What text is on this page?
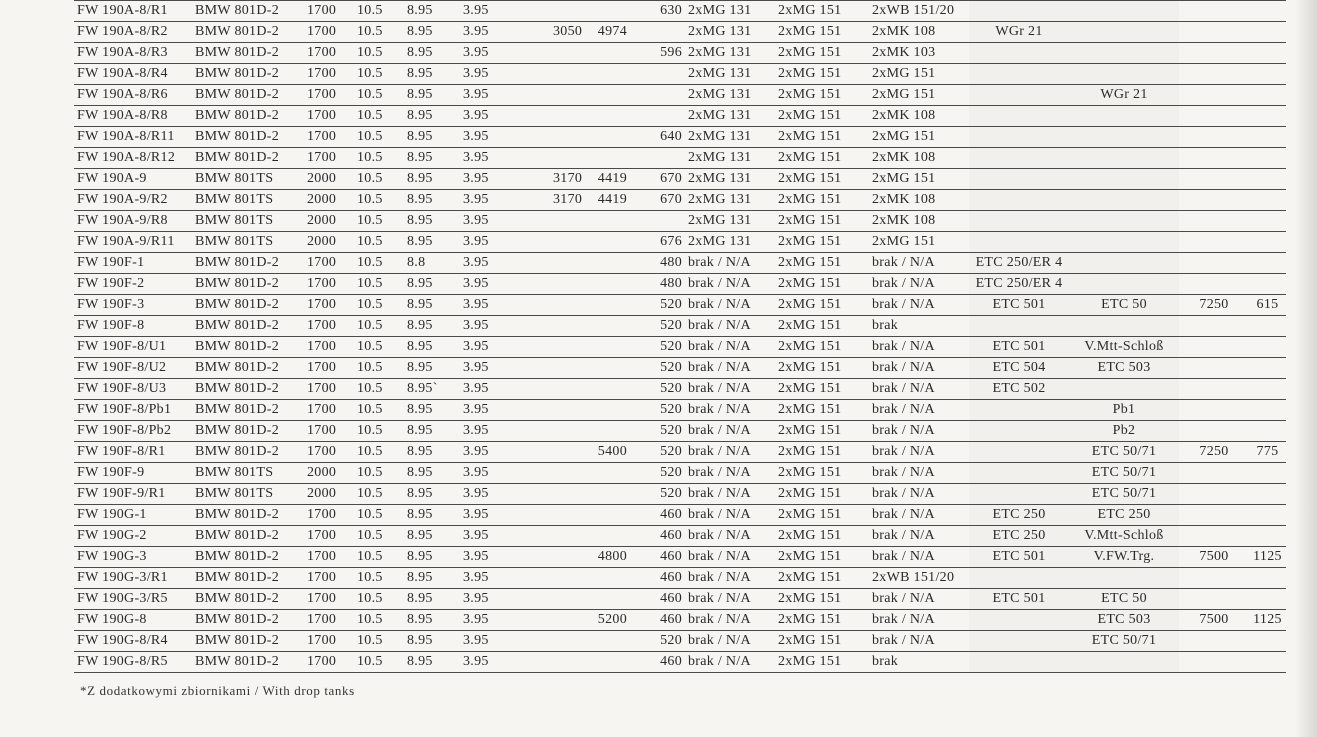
FW 190A-8/R1	BMW 801D-2	1700	10.5	8.95	3.95			630	2xMG 131	2xMG 151	2xWB 151/20				
FW 190A-8/R2	BMW 801D-2	1700	10.5	8.95	3.95	3050	4974		2xMG 131	2xMG 151	2xMK 108	WGr 21			
FW 190A-8/R3	BMW 801D-2	1700	10.5	8.95	3.95			596	2xMG 131	2xMG 151	2xMK 103				
FW 190A-8/R4	BMW 801D-2	1700	10.5	8.95	3.95				2xMG 131	2xMG 151	2xMG 151				
FW 190A-8/R6	BMW 801D-2	1700	10.5	8.95	3.95				2xMG 131	2xMG 151	2xMG 151		WGr 21		
FW 190A-8/R8	BMW 801D-2	1700	10.5	8.95	3.95				2xMG 131	2xMG 151	2xMK 108				
FW 190A-8/R11	BMW 801D-2	1700	10.5	8.95	3.95			640	2xMG 131	2xMG 151	2xMG 151				
FW 190A-8/R12	BMW 801D-2	1700	10.5	8.95	3.95				2xMG 131	2xMG 151	2xMK 108				
FW 190A-9	BMW 801TS	2000	10.5	8.95	3.95	3170	4419	670	2xMG 131	2xMG 151	2xMG 151				
FW 190A-9/R2	BMW 801TS	2000	10.5	8.95	3.95	3170	4419	670	2xMG 131	2xMG 151	2xMK 108				
FW 190A-9/R8	BMW 801TS	2000	10.5	8.95	3.95				2xMG 131	2xMG 151	2xMK 108				
FW 190A-9/R11	BMW 801TS	2000	10.5	8.95	3.95			676	2xMG 131	2xMG 151	2xMG 151				
FW 190F-1	BMW 801D-2	1700	10.5	8.8	3.95			480	brak / N/A	2xMG 151	brak / N/A	ETC 250/ER 4			
FW 190F-2	BMW 801D-2	1700	10.5	8.95	3.95			480	brak / N/A	2xMG 151	brak / N/A	ETC 250/ER 4			
FW 190F-3	BMW 801D-2	1700	10.5	8.95	3.95			520	brak / N/A	2xMG 151	brak / N/A	ETC 501	ETC 50	7250	615
FW 190F-8	BMW 801D-2	1700	10.5	8.95	3.95			520	brak / N/A	2xMG 151	brak				
FW 190F-8/U1	BMW 801D-2	1700	10.5	8.95	3.95			520	brak / N/A	2xMG 151	brak / N/A	ETC 501	V.Mtt-Schloß		
FW 190F-8/U2	BMW 801D-2	1700	10.5	8.95	3.95			520	brak / N/A	2xMG 151	brak / N/A	ETC 504	ETC 503		
FW 190F-8/U3	BMW 801D-2	1700	10.5	8.95`	3.95			520	brak / N/A	2xMG 151	brak / N/A	ETC 502			
FW 190F-8/Pb1	BMW 801D-2	1700	10.5	8.95	3.95			520	brak / N/A	2xMG 151	brak / N/A		Pb1		
FW 190F-8/Pb2	BMW 801D-2	1700	10.5	8.95	3.95			520	brak / N/A	2xMG 151	brak / N/A		Pb2		
FW 190F-8/R1	BMW 801D-2	1700	10.5	8.95	3.95		5400	520	brak / N/A	2xMG 151	brak / N/A		ETC 50/71	7250	775
FW 190F-9	BMW 801TS	2000	10.5	8.95	3.95			520	brak / N/A	2xMG 151	brak / N/A		ETC 50/71		
FW 190F-9/R1	BMW 801TS	2000	10.5	8.95	3.95			520	brak / N/A	2xMG 151	brak / N/A		ETC 50/71		
FW 190G-1	BMW 801D-2	1700	10.5	8.95	3.95			460	brak / N/A	2xMG 151	brak / N/A	ETC 250	ETC 250		
FW 190G-2	BMW 801D-2	1700	10.5	8.95	3.95			460	brak / N/A	2xMG 151	brak / N/A	ETC 250	V.Mtt-Schloß		
FW 190G-3	BMW 801D-2	1700	10.5	8.95	3.95		4800	460	brak / N/A	2xMG 151	brak / N/A	ETC 501	V.FW.Trg.	7500	1125
FW 190G-3/R1	BMW 801D-2	1700	10.5	8.95	3.95			460	brak / N/A	2xMG 151	2xWB 151/20				
FW 190G-3/R5	BMW 801D-2	1700	10.5	8.95	3.95			460	brak / N/A	2xMG 151	brak / N/A	ETC 501	ETC 50		
FW 190G-8	BMW 801D-2	1700	10.5	8.95	3.95		5200	460	brak / N/A	2xMG 151	brak / N/A		ETC 503	7500	1125
FW 190G-8/R4	BMW 801D-2	1700	10.5	8.95	3.95			520	brak / N/A	2xMG 151	brak / N/A		ETC 50/71		
FW 190G-8/R5	BMW 801D-2	1700	10.5	8.95	3.95			460	brak / N/A	2xMG 151	brak				
*Z dodatkowymi zbiornikami / With drop tanks
